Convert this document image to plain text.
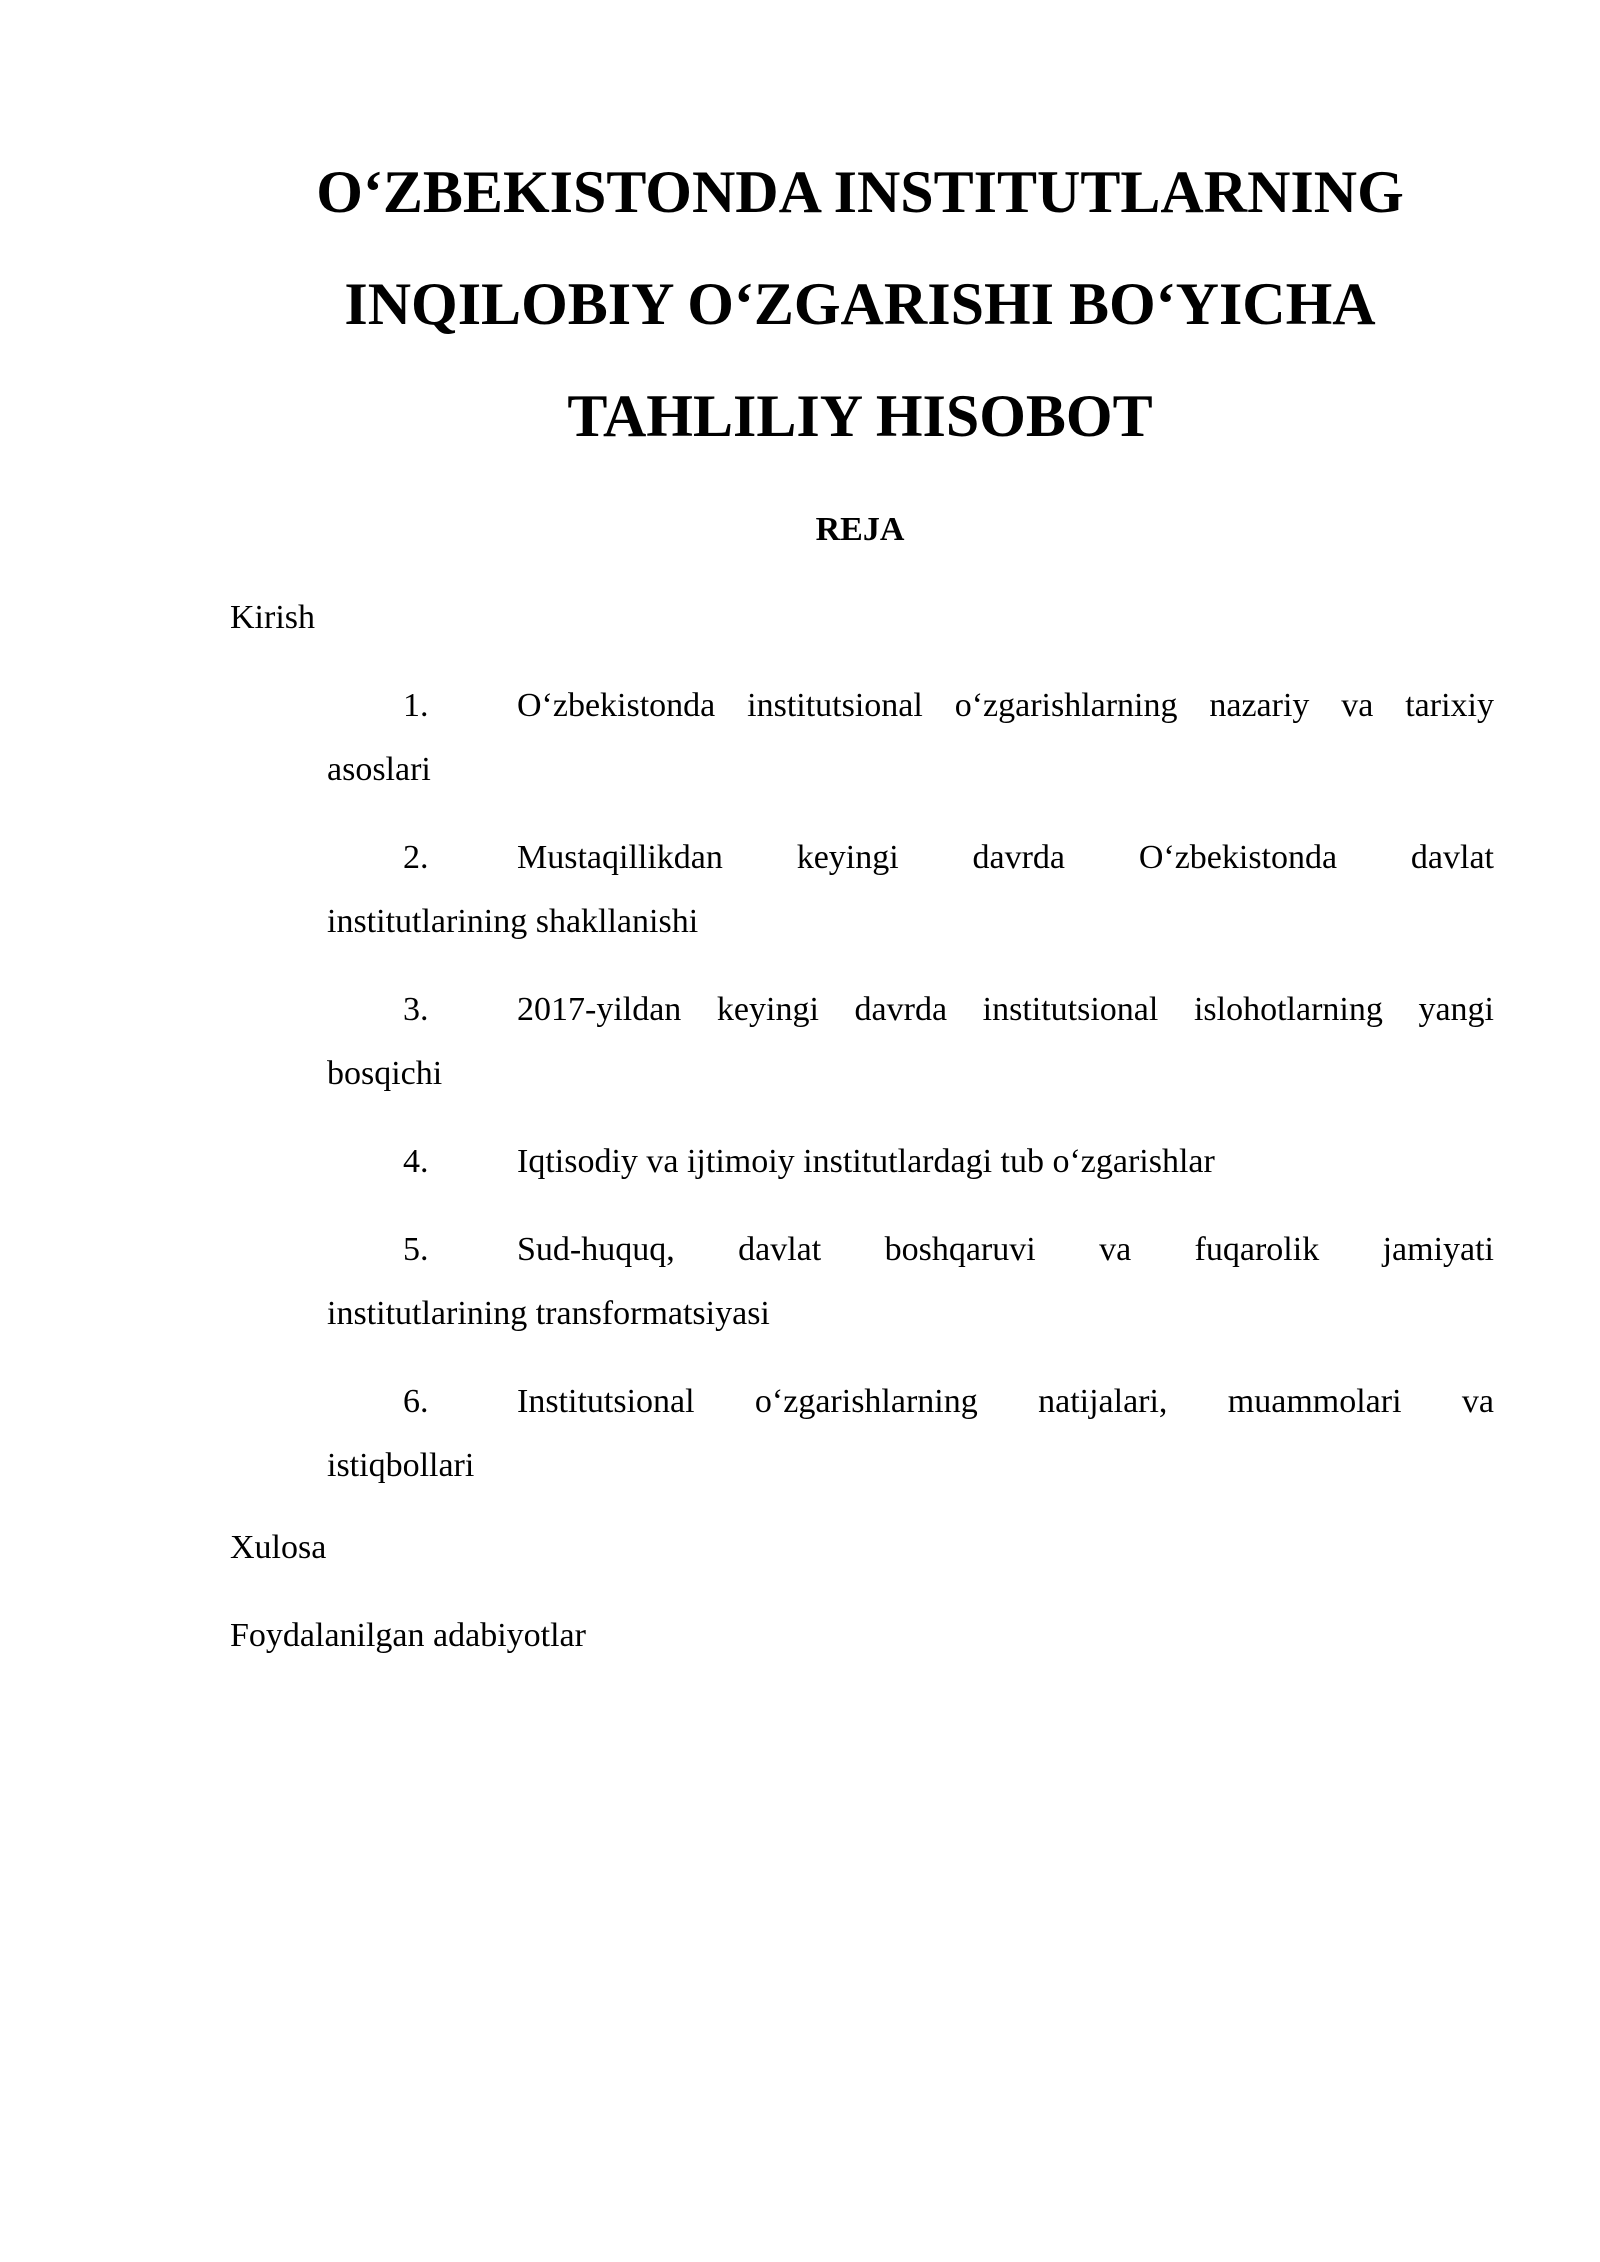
O‘ZBEKISTONDA INSTITUTLARNING
INQILOBIY O‘ZGARISHI BO‘YICHA
TAHLILIY HISOBOT
REJA

Kirish

1.	O‘zbekistonda institutsional o‘zgarishlarning nazariy va tarixiy
asoslari
2.	Mustaqillikdan keyingi davrda O‘zbekistonda davlat
institutlarining shakllanishi
3.	2017-yildan keyingi davrda institutsional islohotlarning yangi
bosqichi
4.	Iqtisodiy va ijtimoiy institutlardagi tub o‘zgarishlar
5.	Sud-huquq, davlat boshqaruvi va fuqarolik jamiyati
institutlarining transformatsiyasi
6.	Institutsional o‘zgarishlarning natijalari, muammolari va
istiqbollari

Xulosa

Foydalanilgan adabiyotlar
